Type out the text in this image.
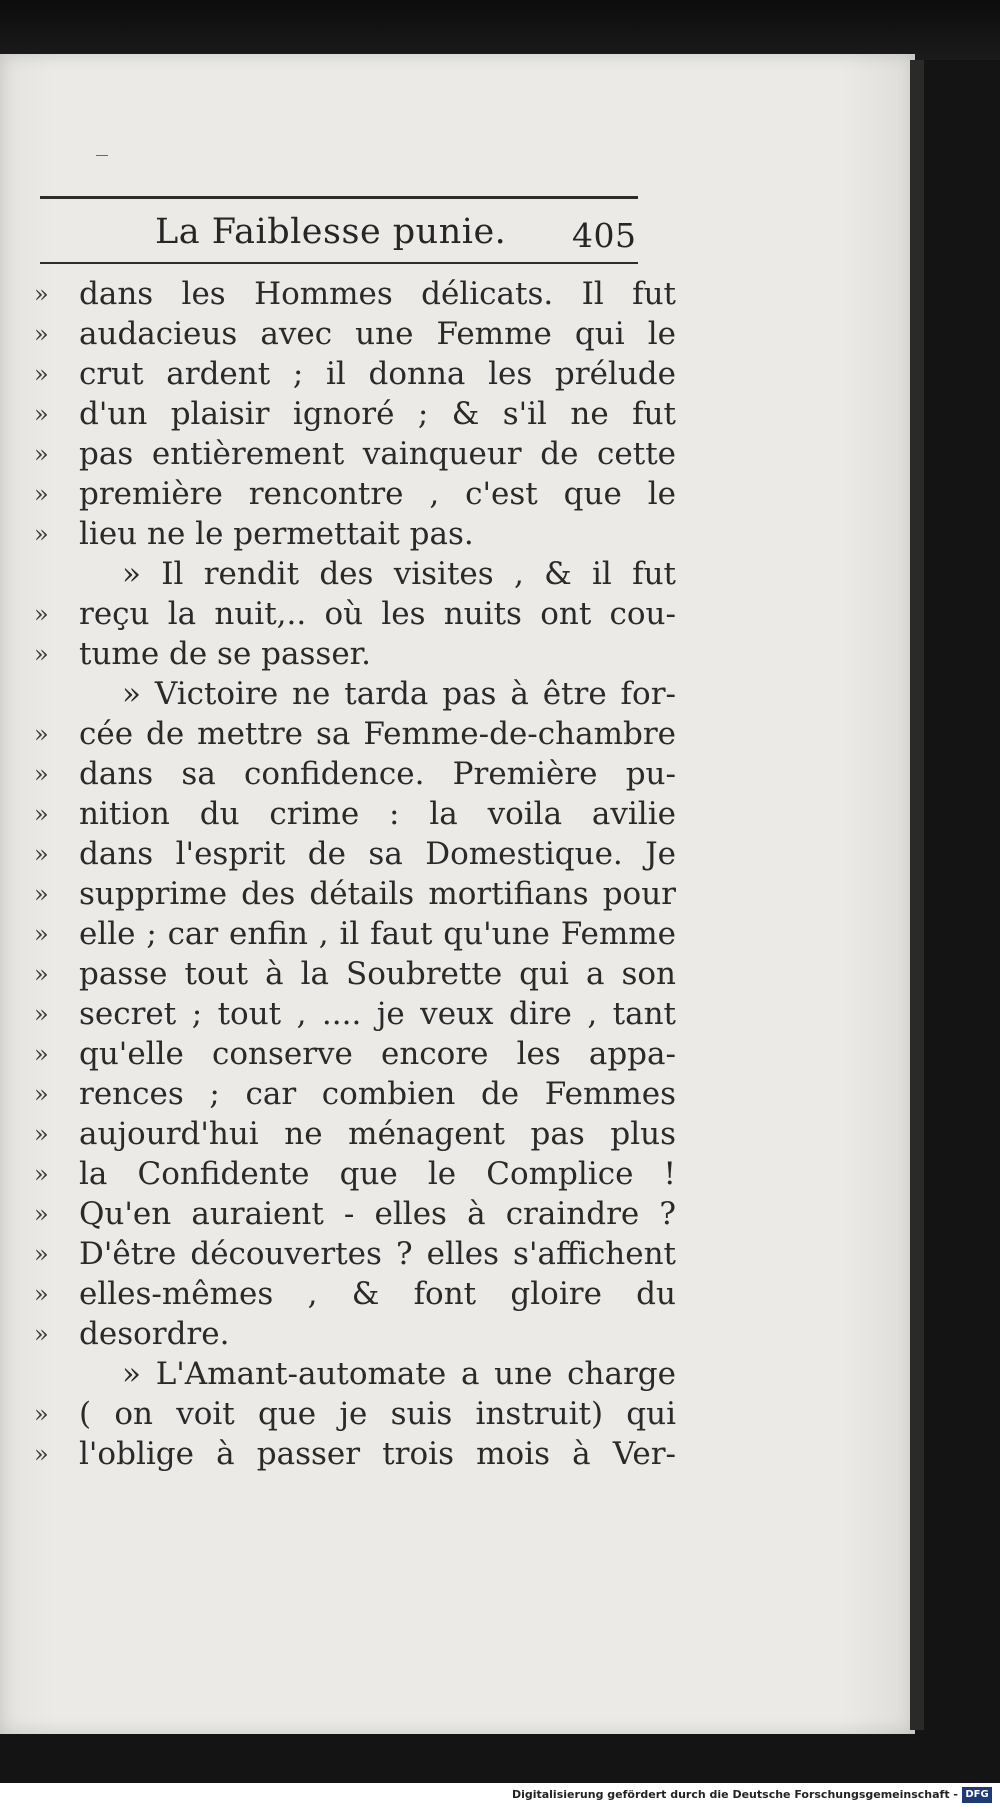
La Faiblesse punie. 405
» dans les Hommes délicats. Il fut
» audacieus avec une Femme qui le
» crut ardent ; il donna les prélude
» d'un plaisir ignoré ; & s'il ne fut
» pas entièrement vainqueur de cette
» première rencontre , c'est que le
» lieu ne le permettait pas.
» Il rendit des visites , & il fut
» reçu la nuit,.. où les nuits ont cou-
» tume de se passer.
» Victoire ne tarda pas à être for-
» cée de mettre sa Femme-de-chambre
» dans sa confidence. Première pu-
» nition du crime : la voila avilie
» dans l'esprit de sa Domestique. Je
» supprime des détails mortifians pour
» elle ; car enfin , il faut qu'une Femme
» passe tout à la Soubrette qui a son
» secret ; tout , .... je veux dire , tant
» qu'elle conserve encore les appa-
» rences ; car combien de Femmes
» aujourd'hui ne ménagent pas plus
» la Confidente que le Complice !
» Qu'en auraient - elles à craindre ?
» D'être découvertes ? elles s'affichent
» elles-mêmes , & font gloire du
» desordre.
» L'Amant-automate a une charge
» ( on voit que je suis instruit) qui
» l'oblige à passer trois mois à Ver-
Digitalisierung gefördert durch die Deutsche Forschungsgemeinschaft - DFG
